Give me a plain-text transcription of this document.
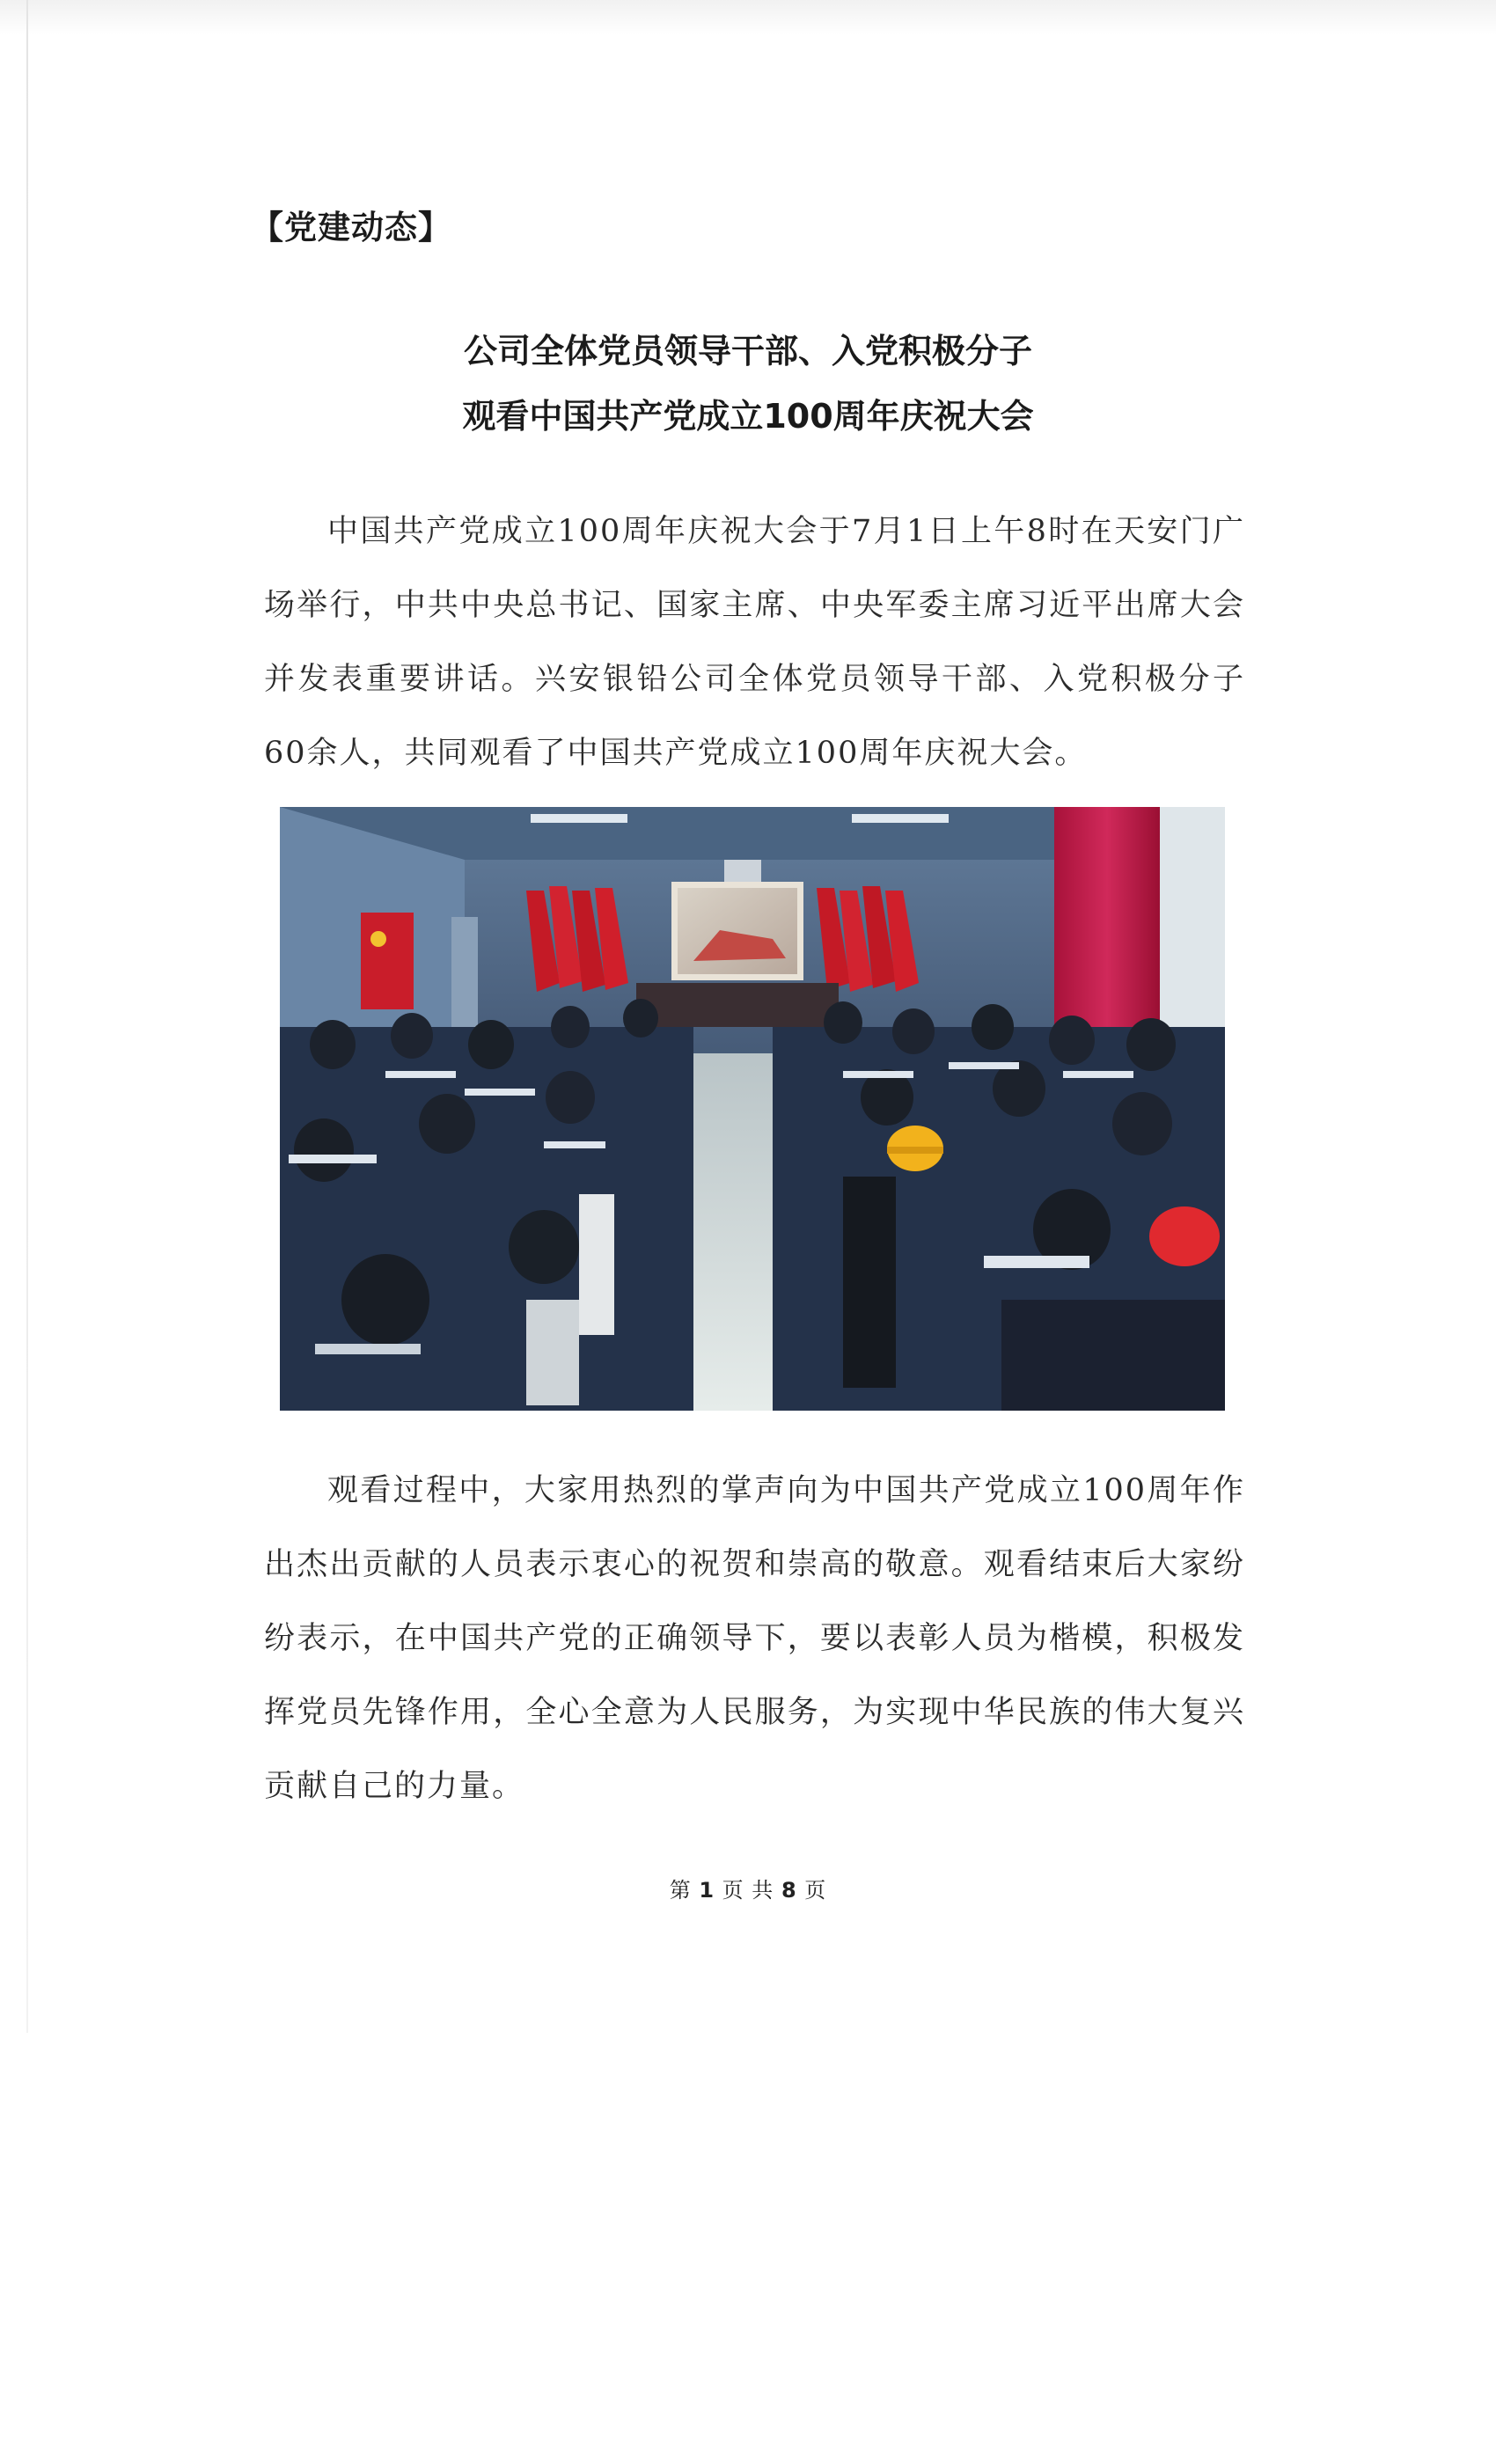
【党建动态】
公司全体党员领导干部、入党积极分子
观看中国共产党成立100周年庆祝大会

中国共产党成立100周年庆祝大会于7月1日上午8时在天安门广场举行，中共中央总书记、国家主席、中央军委主席习近平出席大会并发表重要讲话。兴安银铅公司全体党员领导干部、入党积极分子60余人，共同观看了中国共产党成立100周年庆祝大会。

观看过程中，大家用热烈的掌声向为中国共产党成立100周年作出杰出贡献的人员表示衷心的祝贺和崇高的敬意。观看结束后大家纷纷表示，在中国共产党的正确领导下，要以表彰人员为楷模，积极发挥党员先锋作用，全心全意为人民服务，为实现中华民族的伟大复兴贡献自己的力量。

第 1 页 共 8 页
